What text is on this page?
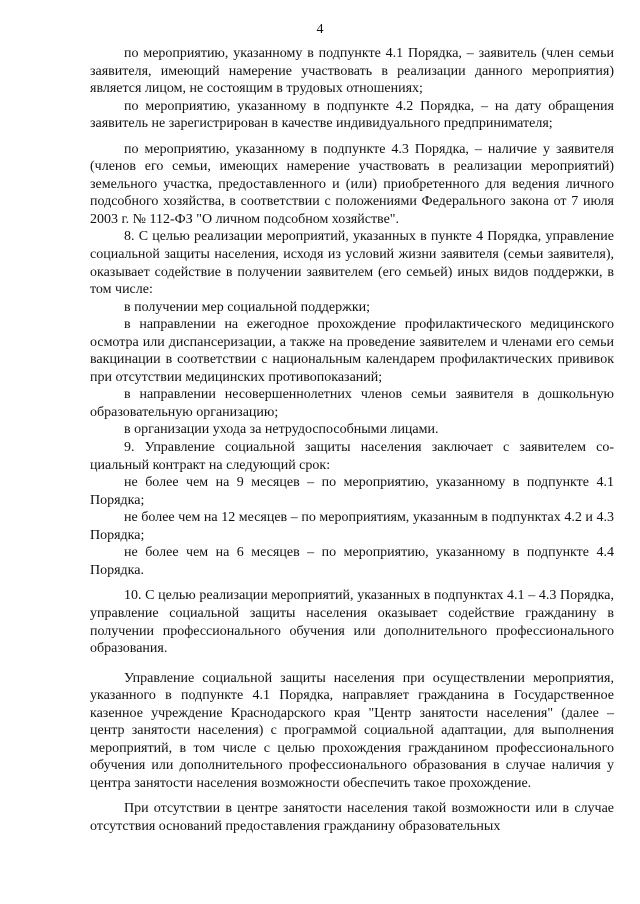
4

по мероприятию, указанному в подпункте 4.1 Порядка, – заявитель (член семьи заявителя, имеющий намерение участвовать в реализации данного мероприятия) является лицом, не состоящим в трудовых отношениях;

по мероприятию, указанному в подпункте 4.2 Порядка, – на дату обращения заявитель не зарегистрирован в качестве индивидуального предпринимателя;

по мероприятию, указанному в подпункте 4.3 Порядка, – наличие у заявителя (членов его семьи, имеющих намерение участвовать в реализации мероприятий) земельного участка, предоставленного и (или) приобретенного для ведения личного подсобного хозяйства, в соответствии с положениями Федерального закона от 7 июля 2003 г. № 112-ФЗ "О личном подсобном хозяйстве".

8. С целью реализации мероприятий, указанных в пункте 4 Порядка, управление социальной защиты населения, исходя из условий жизни заявителя (семьи заявителя), оказывает содействие в получении заявителем (его семьей) иных видов поддержки, в том числе:

в получении мер социальной поддержки;

в направлении на ежегодное прохождение профилактического медицинского осмотра или диспансеризации, а также на проведение заявителем и членами его семьи вакцинации в соответствии с национальным календарем профилактических прививок при отсутствии медицинских противопоказаний;

в направлении несовершеннолетних членов семьи заявителя в дошкольную образовательную организацию;

в организации ухода за нетрудоспособными лицами.

9. Управление социальной защиты населения заключает с заявителем социальный контракт на следующий срок:

не более чем на 9 месяцев – по мероприятию, указанному в подпункте 4.1 Порядка;

не более чем на 12 месяцев – по мероприятиям, указанным в подпунктах 4.2 и 4.3 Порядка;

не более чем на 6 месяцев – по мероприятию, указанному в подпункте 4.4 Порядка.

10. С целью реализации мероприятий, указанных в подпунктах 4.1 – 4.3 Порядка, управление социальной защиты населения оказывает содействие гражданину в получении профессионального обучения или дополнительного профессионального образования.

Управление социальной защиты населения при осуществлении мероприятия, указанного в подпункте 4.1 Порядка, направляет гражданина в Государственное казенное учреждение Краснодарского края "Центр занятости населения" (далее – центр занятости населения) с программой социальной адаптации, для выполнения мероприятий, в том числе с целью прохождения гражданином профессионального обучения или дополнительного профессионального образования в случае наличия у центра занятости населения возможности обеспечить такое прохождение.

При отсутствии в центре занятости населения такой возможности или в случае отсутствия оснований предоставления гражданину образовательных
